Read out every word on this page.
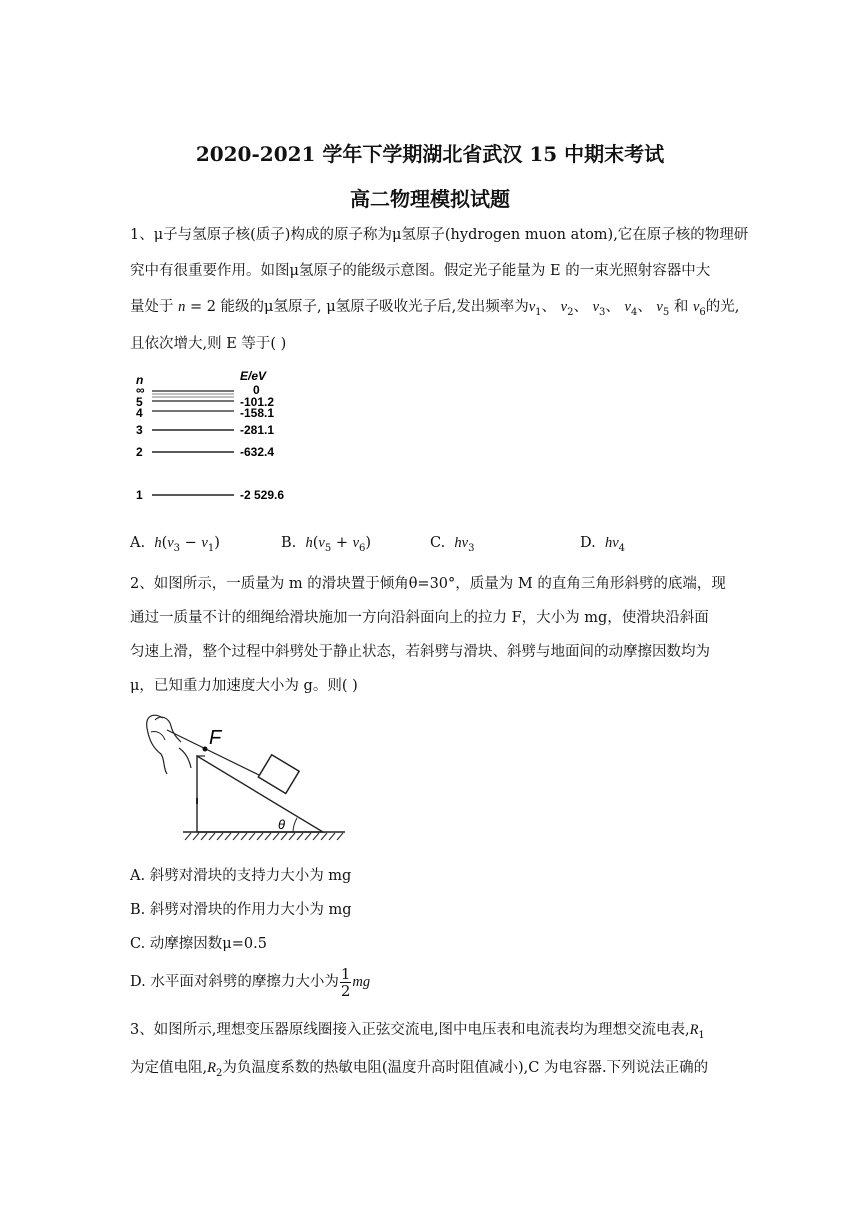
2020-2021 学年下学期湖北省武汉 15 中期末考试
高二物理模拟试题
1、μ子与氢原子核(质子)构成的原子称为μ氢原子(hydrogen muon atom),它在原子核的物理研
究中有很重要作用。如图μ氢原子的能级示意图。假定光子能量为 E 的一束光照射容器中大
量处于 n = 2 能级的μ氢原子, μ氢原子吸收光子后,发出频率为$v_1$、 $v_2$、 $v_3$、 $v_4$、 $v_5$ 和 $v_6$的光,
且依次增大,则 E 等于( )
n	E/eV
∞	0
5	-101.2
4	-158.1
3	-281.1
2	-632.4
1	-2 529.6
A. $h(v_3 - v_1)$	B. $h(v_5 + v_6)$	C. $hv_3$	D. $hv_4$
2、如图所示，一质量为 m 的滑块置于倾角θ=30°，质量为 M 的直角三角形斜劈的底端，现
通过一质量不计的细绳给滑块施加一方向沿斜面向上的拉力 F，大小为 mg，使滑块沿斜面
匀速上滑，整个过程中斜劈处于静止状态，若斜劈与滑块、斜劈与地面间的动摩擦因数均为
μ，已知重力加速度大小为 g。则( )
F
θ
A. 斜劈对滑块的支持力大小为 mg
B. 斜劈对滑块的作用力大小为 mg
C. 动摩擦因数μ=0.5
D. 水平面对斜劈的摩擦力大小为 $\frac{1}{2}$ mg
3、如图所示,理想变压器原线圈接入正弦交流电,图中电压表和电流表均为理想交流电表$,R_1$
为定值电阻$,R_2$为负温度系数的热敏电阻(温度升高时阻值减小),C 为电容器.下列说法正确的
